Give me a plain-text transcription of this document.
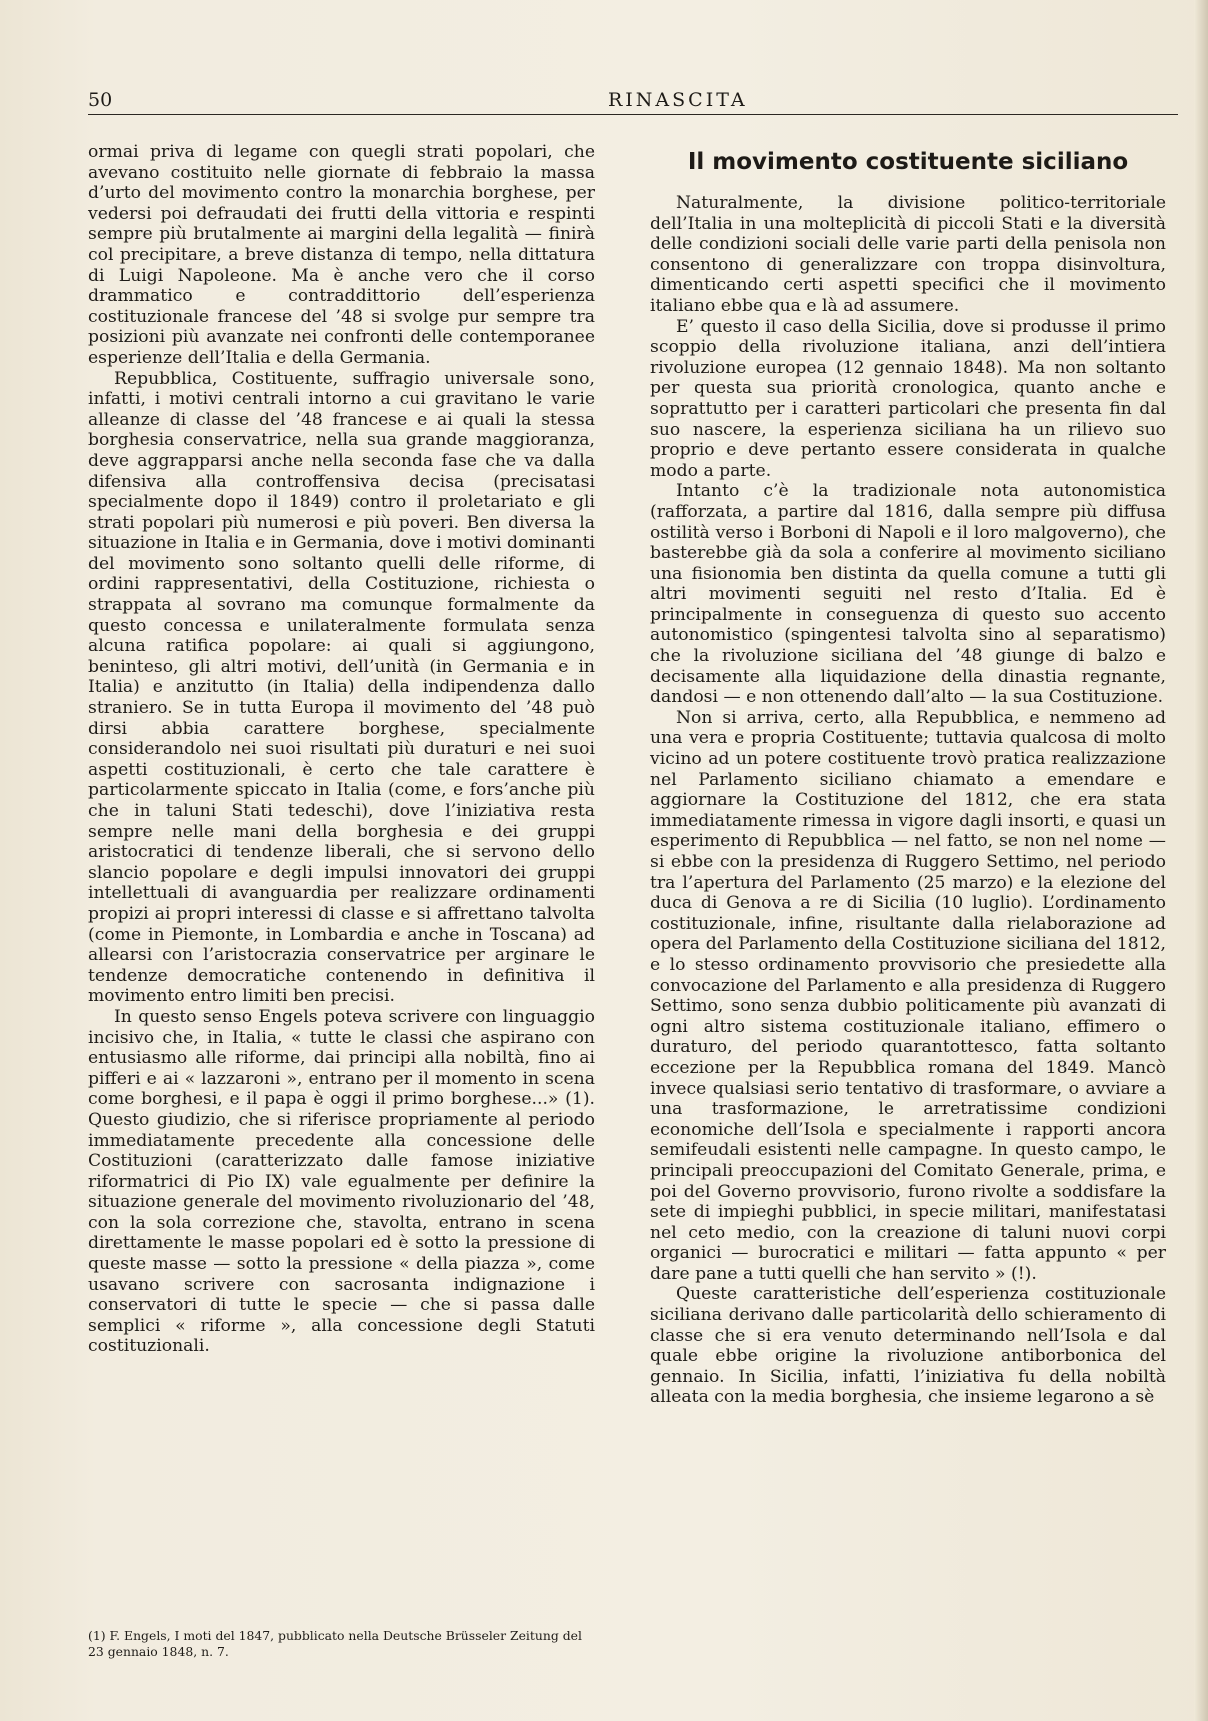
50	RINASCITA

ormai priva di legame con quegli strati popolari, che avevano costituito nelle giornate di febbraio la massa d’urto del movimento contro la monarchia borghese, per vedersi poi defraudati dei frutti della vittoria e respinti sempre più brutalmente ai margini della legalità — finirà col precipitare, a breve distanza di tempo, nella dittatura di Luigi Napoleone. Ma è anche vero che il corso drammatico e contraddittorio dell’esperienza costituzionale francese del ’48 si svolge pur sempre tra posizioni più avanzate nei confronti delle contemporanee esperienze dell’Italia e della Germania.

Repubblica, Costituente, suffragio universale sono, infatti, i motivi centrali intorno a cui gravitano le varie alleanze di classe del ’48 francese e ai quali la stessa borghesia conservatrice, nella sua grande maggioranza, deve aggrapparsi anche nella seconda fase che va dalla difensiva alla controffensiva decisa (precisatasi specialmente dopo il 1849) contro il proletariato e gli strati popolari più numerosi e più poveri. Ben diversa la situazione in Italia e in Germania, dove i motivi dominanti del movimento sono soltanto quelli delle riforme, di ordini rappresentativi, della Costituzione, richiesta o strappata al sovrano ma comunque formalmente da questo concessa e unilateralmente formulata senza alcuna ratifica popolare: ai quali si aggiungono, beninteso, gli altri motivi, dell’unità (in Germania e in Italia) e anzitutto (in Italia) della indipendenza dallo straniero. Se in tutta Europa il movimento del ’48 può dirsi abbia carattere borghese, specialmente considerandolo nei suoi risultati più duraturi e nei suoi aspetti costituzionali, è certo che tale carattere è particolarmente spiccato in Italia (come, e fors’anche più che in taluni Stati tedeschi), dove l’iniziativa resta sempre nelle mani della borghesia e dei gruppi aristocratici di tendenze liberali, che si servono dello slancio popolare e degli impulsi innovatori dei gruppi intellettuali di avanguardia per realizzare ordinamenti propizi ai propri interessi di classe e si affrettano talvolta (come in Piemonte, in Lombardia e anche in Toscana) ad allearsi con l’aristocrazia conservatrice per arginare le tendenze democratiche contenendo in definitiva il movimento entro limiti ben precisi.

In questo senso Engels poteva scrivere con linguaggio incisivo che, in Italia, « tutte le classi che aspirano con entusiasmo alle riforme, dai principi alla nobiltà, fino ai pifferi e ai « lazzaroni », entrano per il momento in scena come borghesi, e il papa è oggi il primo borghese...» (1). Questo giudizio, che si riferisce propriamente al periodo immediatamente precedente alla concessione delle Costituzioni (caratterizzato dalle famose iniziative riformatrici di Pio IX) vale egualmente per definire la situazione generale del movimento rivoluzionario del ’48, con la sola correzione che, stavolta, entrano in scena direttamente le masse popolari ed è sotto la pressione di queste masse — sotto la pressione « della piazza », come usavano scrivere con sacrosanta indignazione i conservatori di tutte le specie — che si passa dalle semplici « riforme », alla concessione degli Statuti costituzionali.

(1) F. Engels, I moti del 1847, pubblicato nella Deutsche Brüsseler Zeitung del 23 gennaio 1848, n. 7.
Il movimento costituente siciliano

Naturalmente, la divisione politico-territoriale dell’Italia in una molteplicità di piccoli Stati e la diversità delle condizioni sociali delle varie parti della penisola non consentono di generalizzare con troppa disinvoltura, dimenticando certi aspetti specifici che il movimento italiano ebbe qua e là ad assumere.

E’ questo il caso della Sicilia, dove si produsse il primo scoppio della rivoluzione italiana, anzi dell’intiera rivoluzione europea (12 gennaio 1848). Ma non soltanto per questa sua priorità cronologica, quanto anche e soprattutto per i caratteri particolari che presenta fin dal suo nascere, la esperienza siciliana ha un rilievo suo proprio e deve pertanto essere considerata in qualche modo a parte.

Intanto c’è la tradizionale nota autonomistica (rafforzata, a partire dal 1816, dalla sempre più diffusa ostilità verso i Borboni di Napoli e il loro malgoverno), che basterebbe già da sola a conferire al movimento siciliano una fisionomia ben distinta da quella comune a tutti gli altri movimenti seguiti nel resto d’Italia. Ed è principalmente in conseguenza di questo suo accento autonomistico (spingentesi talvolta sino al separatismo) che la rivoluzione siciliana del ’48 giunge di balzo e decisamente alla liquidazione della dinastia regnante, dandosi — e non ottenendo dall’alto — la sua Costituzione.

Non si arriva, certo, alla Repubblica, e nemmeno ad una vera e propria Costituente; tuttavia qualcosa di molto vicino ad un potere costituente trovò pratica realizzazione nel Parlamento siciliano chiamato a emendare e aggiornare la Costituzione del 1812, che era stata immediatamente rimessa in vigore dagli insorti, e quasi un esperimento di Repubblica — nel fatto, se non nel nome — si ebbe con la presidenza di Ruggero Settimo, nel periodo tra l’apertura del Parlamento (25 marzo) e la elezione del duca di Genova a re di Sicilia (10 luglio). L’ordinamento costituzionale, infine, risultante dalla rielaborazione ad opera del Parlamento della Costituzione siciliana del 1812, e lo stesso ordinamento provvisorio che presiedette alla convocazione del Parlamento e alla presidenza di Ruggero Settimo, sono senza dubbio politicamente più avanzati di ogni altro sistema costituzionale italiano, effimero o duraturo, del periodo quarantottesco, fatta soltanto eccezione per la Repubblica romana del 1849. Mancò invece qualsiasi serio tentativo di trasformare, o avviare a una trasformazione, le arretratissime condizioni economiche dell’Isola e specialmente i rapporti ancora semifeudali esistenti nelle campagne. In questo campo, le principali preoccupazioni del Comitato Generale, prima, e poi del Governo provvisorio, furono rivolte a soddisfare la sete di impieghi pubblici, in specie militari, manifestatasi nel ceto medio, con la creazione di taluni nuovi corpi organici — burocratici e militari — fatta appunto « per dare pane a tutti quelli che han servito » (!).

Queste caratteristiche dell’esperienza costituzionale siciliana derivano dalle particolarità dello schieramento di classe che si era venuto determinando nell’Isola e dal quale ebbe origine la rivoluzione antiborbonica del gennaio. In Sicilia, infatti, l’iniziativa fu della nobiltà alleata con la media borghesia, che insieme legarono a sè
